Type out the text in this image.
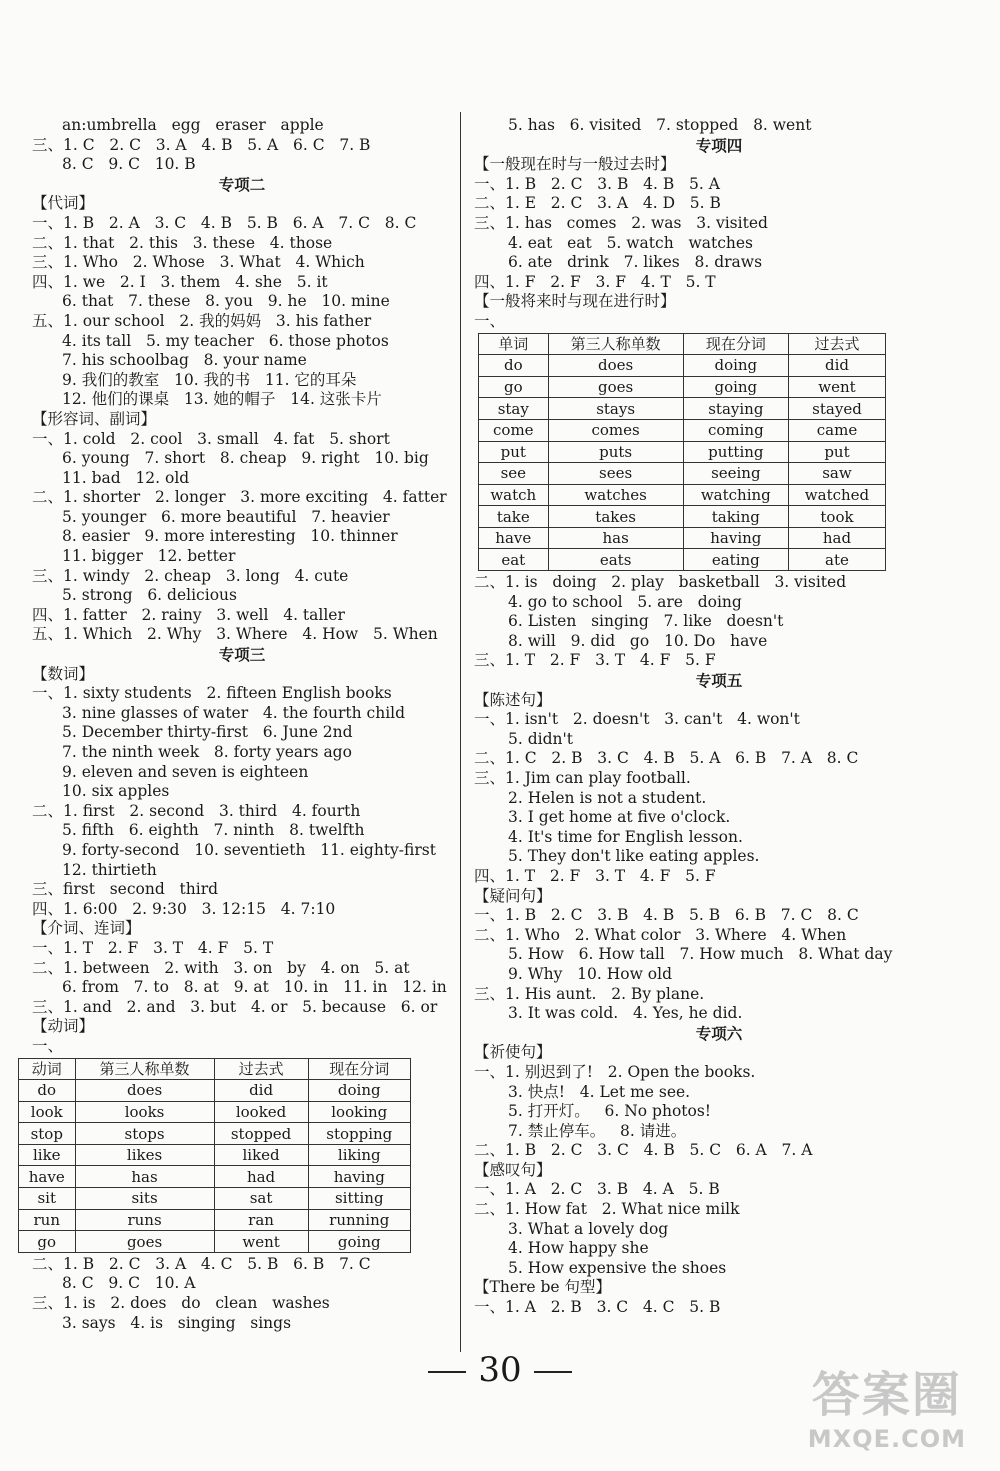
an:umbrella   egg   eraser   apple
三、1. C   2. C   3. A   4. B   5. A   6. C   7. B
8. C   9. C   10. B
专项二
【代词】
一、1. B   2. A   3. C   4. B   5. B   6. A   7. C   8. C
二、1. that   2. this   3. these   4. those
三、1. Who   2. Whose   3. What   4. Which
四、1. we   2. I   3. them   4. she   5. it
6. that   7. these   8. you   9. he   10. mine
五、1. our school   2. 我的妈妈   3. his father
4. its tall   5. my teacher   6. those photos
7. his schoolbag   8. your name
9. 我们的教室   10. 我的书   11. 它的耳朵
12. 他们的课桌   13. 她的帽子   14. 这张卡片
【形容词、副词】
一、1. cold   2. cool   3. small   4. fat   5. short
6. young   7. short   8. cheap   9. right   10. big
11. bad   12. old
二、1. shorter   2. longer   3. more exciting   4. fatter
5. younger   6. more beautiful   7. heavier
8. easier   9. more interesting   10. thinner
11. bigger   12. better
三、1. windy   2. cheap   3. long   4. cute
5. strong   6. delicious
四、1. fatter   2. rainy   3. well   4. taller
五、1. Which   2. Why   3. Where   4. How   5. When
专项三
【数词】
一、1. sixty students   2. fifteen English books
3. nine glasses of water   4. the fourth child
5. December thirty-first   6. June 2nd
7. the ninth week   8. forty years ago
9. eleven and seven is eighteen
10. six apples
二、1. first   2. second   3. third   4. fourth
5. fifth   6. eighth   7. ninth   8. twelfth
9. forty-second   10. seventieth   11. eighty-first
12. thirtieth
三、first   second   third
四、1. 6:00   2. 9:30   3. 12:15   4. 7:10
【介词、连词】
一、1. T   2. F   3. T   4. F   5. T
二、1. between   2. with   3. on   by   4. on   5. at
6. from   7. to   8. at   9. at   10. in   11. in   12. in
三、1. and   2. and   3. but   4. or   5. because   6. or
【动词】
一、
动词	第三人称单数	过去式	现在分词
do	does	did	doing
look	looks	looked	looking
stop	stops	stopped	stopping
like	likes	liked	liking
have	has	had	having
sit	sits	sat	sitting
run	runs	ran	running
go	goes	went	going
二、1. B   2. C   3. A   4. C   5. B   6. B   7. C
8. C   9. C   10. A
三、1. is   2. does   do   clean   washes
3. says   4. is   singing   sings
5. has   6. visited   7. stopped   8. went
专项四
【一般现在时与一般过去时】
一、1. B   2. C   3. B   4. B   5. A
二、1. E   2. C   3. A   4. D   5. B
三、1. has   comes   2. was   3. visited
4. eat   eat   5. watch   watches
6. ate   drink   7. likes   8. draws
四、1. F   2. F   3. F   4. T   5. T
【一般将来时与现在进行时】
一、
单词	第三人称单数	现在分词	过去式
do	does	doing	did
go	goes	going	went
stay	stays	staying	stayed
come	comes	coming	came
put	puts	putting	put
see	sees	seeing	saw
watch	watches	watching	watched
take	takes	taking	took
have	has	having	had
eat	eats	eating	ate
二、1. is   doing   2. play   basketball   3. visited
4. go to school   5. are   doing
6. Listen   singing   7. like   doesn't
8. will   9. did   go   10. Do   have
三、1. T   2. F   3. T   4. F   5. F
专项五
【陈述句】
一、1. isn't   2. doesn't   3. can't   4. won't
5. didn't
二、1. C   2. B   3. C   4. B   5. A   6. B   7. A   8. C
三、1. Jim can play football.
2. Helen is not a student.
3. I get home at five o'clock.
4. It's time for English lesson.
5. They don't like eating apples.
四、1. T   2. F   3. T   4. F   5. F
【疑问句】
一、1. B   2. C   3. B   4. B   5. B   6. B   7. C   8. C
二、1. Who   2. What color   3. Where   4. When
5. How   6. How tall   7. How much   8. What day
9. Why   10. How old
三、1. His aunt.   2. By plane.
3. It was cold.   4. Yes, he did.
专项六
【祈使句】
一、1. 别迟到了!   2. Open the books.
3. 快点!   4. Let me see.
5. 打开灯。   6. No photos!
7. 禁止停车。   8. 请进。
二、1. B   2. C   3. C   4. B   5. C   6. A   7. A
【感叹句】
一、1. A   2. C   3. B   4. A   5. B
二、1. How fat   2. What nice milk
3. What a lovely dog
4. How happy she
5. How expensive the shoes
【There be 句型】
一、1. A   2. B   3. C   4. C   5. B
30	答案圈
MXQE.COM
